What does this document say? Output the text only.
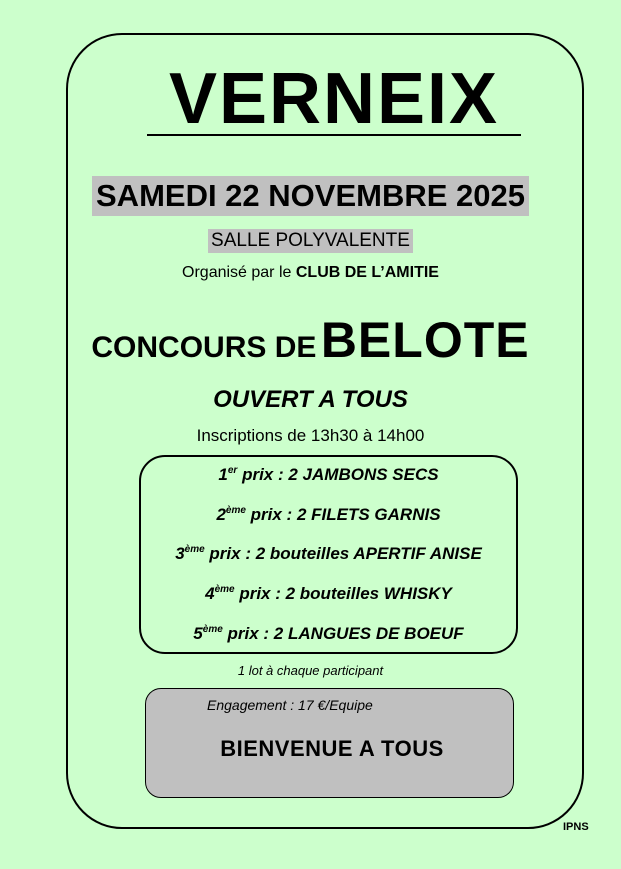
VERNEIX
SAMEDI 22 NOVEMBRE 2025
SALLE POLYVALENTE
Organisé par le CLUB DE L’AMITIE
CONCOURS DE BELOTE
OUVERT A TOUS
Inscriptions de 13h30 à 14h00
1er prix : 2 JAMBONS SECS
2ème prix : 2 FILETS GARNIS
3ème prix : 2 bouteilles APERTIF ANISE
4ème prix : 2 bouteilles WHISKY
5ème prix : 2 LANGUES DE BOEUF
1 lot à chaque participant
Engagement : 17 €/Equipe
BIENVENUE A TOUS
IPNS
